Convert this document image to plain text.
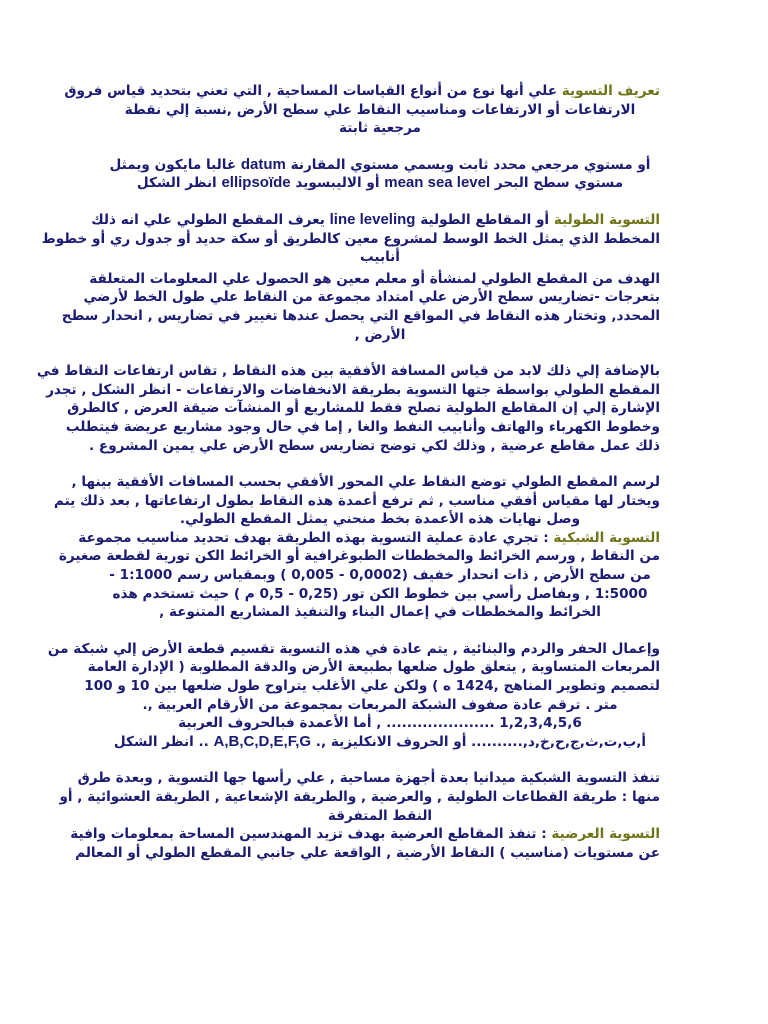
تعريف التسوية علي أنها نوع من أنواع القياسات المساحية , التي تعني بتحديد قياس فروق
الارتفاعات أو الارتفاعات ومناسيب النقاط علي سطح الأرض ,نسبة إلي نقطة
مرجعية ثابتة

أو مستوي مرجعي محدد ثابت ويسمي مستوي المقارنة datum غالبا مايكون ويمثل
مستوي سطح البحر mean sea level أو الاليبسويد ellipsoïde انظر الشكل

التسوية الطولية أو المقاطع الطولية line leveling يعرف المقطع الطولي علي انه ذلك
المخطط الذي يمثل الخط الوسط لمشروع معين كالطريق أو سكة حديد أو جدول ري أو خطوط
أنابيب

الهدف من المقطع الطولي لمنشأة أو معلم معين هو الحصول علي المعلومات المتعلقة
بتعرجات -تضاريس سطح الأرض علي امتداد مجموعة من النقاط علي طول الخط لأرضي
المحدد, وتختار هذه النقاط في المواقع التي يحصل عندها تغيير في تضاريس , انحدار سطح
الأرض ,

بالإضافة إلي ذلك لابد من قياس المسافة الأفقية بين هذه النقاط , تقاس ارتفاعات النقاط في
المقطع الطولي بواسطة جتها التسوية بطريقة الانخفاضات والارتفاعات - انظر الشكل , تجدر
الإشارة إلي إن المقاطع الطولية تصلح فقط للمشاريع أو المنشآت ضيقة العرض , كالطرق
وخطوط الكهرباء والهاتف وأنابيب النفط والغا , إما في حال وجود مشاريع عريضة فيتطلب
ذلك عمل مقاطع عرضية , وذلك لكي توضح تضاريس سطح الأرض علي يمين المشروع .

لرسم المقطع الطولي توضع النقاط علي المحور الأفقي بحسب المسافات الأفقية بينها ,
ويختار لها مقياس أفقي مناسب , ثم ترفع أعمدة هذه النقاط بطول ارتفاعاتها , بعد ذلك يتم
وصل نهايات هذه الأعمدة بخط منحني يمثل المقطع الطولي.

التسوية الشبكية : تجري عادة عملية التسوية بهذه الطريقة بهدف تحديد مناسيب مجموعة
من النقاط , ورسم الخرائط والمخططات الطبوغرافية أو الخرائط الكن تورية لقطعة صغيرة
من سطح الأرض , ذات انحدار خفيف (0,0002 - 0,005 ) وبمقياس رسم 1:1000 -
1:5000 , وبفاصل رأسي بين خطوط الكن تور (0,25 - 0,5 م ) حيث تستخدم هذه
الخرائط والمخططات في إعمال البناء والتنفيذ المشاريع المتنوعة ,

وإعمال الحفر والردم والبنائية , يتم عادة في هذه التسوية تقسيم قطعة الأرض إلي شبكة من
المربعات المتساوية , يتعلق طول ضلعها بطبيعة الأرض والدقة المطلوبة ( الإدارة العامة
لتصميم وتطوير المناهج ,1424 ه ) ولكن علي الأغلب يتراوح طول ضلعها بين 10 و 100
متر . ترقم عادة صفوف الشبكة المربعات بمجموعة من الأرقام العربية ,.
1,2,3,4,5,6 ..................... , أما الأعمدة فبالحروف العربية
أ,ب,ت,ث,ج,ح,خ,د,.......... أو الحروف الانكليزية ,. A,B,C,D,E,F,G .. انظر الشكل

تنفذ التسوية الشبكية ميدانيا بعدة أجهزة مساحية , علي رأسها جها التسوية , وبعدة طرق
منها : طريقة القطاعات الطولية , والعرضية , والطريقة الإشعاعية , الطريقة العشوائية , أو
النقط المتفرقة

التسوية العرضية : تنفذ المقاطع العرضية بهدف تزيد المهندسين المساحة بمعلومات وافية
عن مستويات (مناسيب ) النقاط الأرضية , الواقعة علي جانبي المقطع الطولي أو المعالم
